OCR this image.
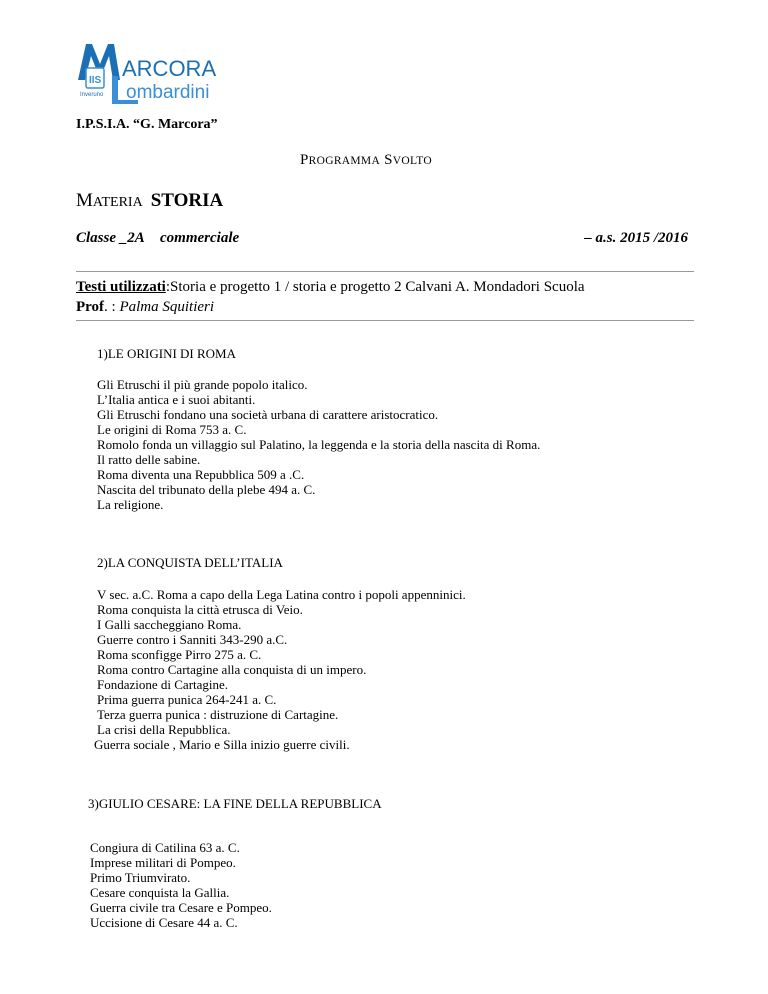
IIS
Inveruno
ARCORA
ombardini
I.P.S.I.A. “G. Marcora”
PROGRAMMA SVOLTO
MATERIA STORIA
Classe _2A commerciale	– a.s. 2015 /2016
Testi utilizzati:Storia e progetto 1 / storia e progetto 2 Calvani A. Mondadori Scuola
Prof. : Palma Squitieri
1)LE ORIGINI DI ROMA
Gli Etruschi il più grande popolo italico.
L’Italia antica e i suoi abitanti.
Gli Etruschi fondano una società urbana di carattere aristocratico.
Le origini di Roma 753 a. C.
Romolo fonda un villaggio sul Palatino, la leggenda e la storia della nascita di Roma.
Il ratto delle sabine.
Roma diventa una Repubblica 509 a .C.
Nascita del tribunato della plebe 494 a. C.
La religione.
2)LA CONQUISTA DELL’ITALIA
V sec. a.C. Roma a capo della Lega Latina contro i popoli appenninici.
Roma conquista la città etrusca di Veio.
I Galli saccheggiano Roma.
Guerre contro i Sanniti 343-290 a.C.
Roma sconfigge Pirro 275 a. C.
Roma contro Cartagine alla conquista di un impero.
Fondazione di Cartagine.
Prima guerra punica 264-241 a. C.
Terza guerra punica : distruzione di Cartagine.
La crisi della Repubblica.
Guerra sociale , Mario e Silla inizio guerre civili.
3)GIULIO CESARE: LA FINE DELLA REPUBBLICA
Congiura di Catilina 63 a. C.
Imprese militari di Pompeo.
Primo Triumvirato.
Cesare conquista la Gallia.
Guerra civile tra Cesare e Pompeo.
Uccisione di Cesare 44 a. C.
